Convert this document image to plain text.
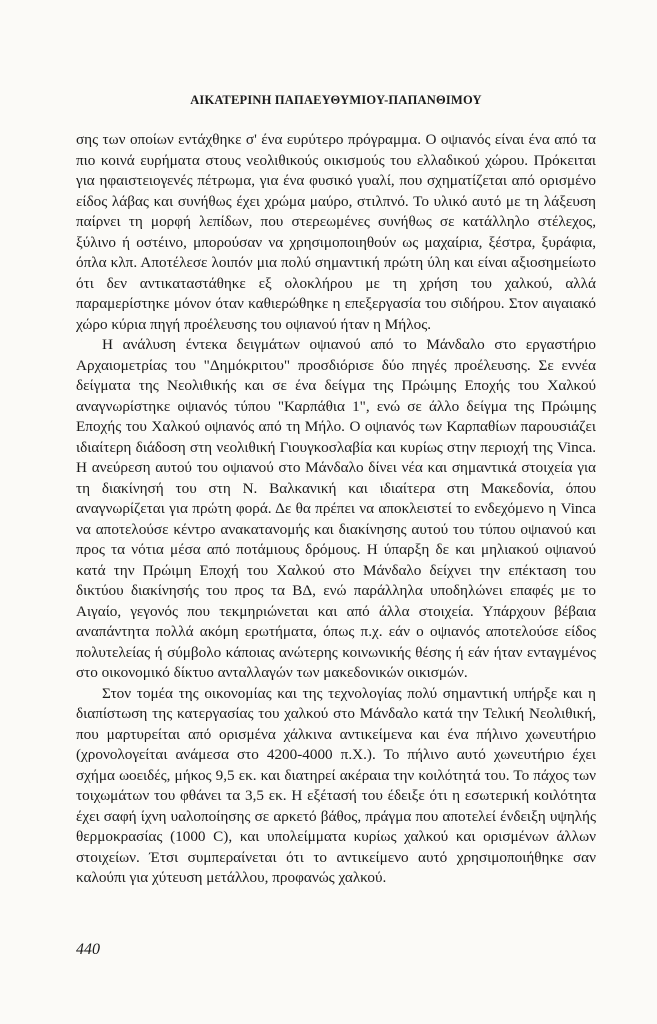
ΑΙΚΑΤΕΡΙΝΗ ΠΑΠΑΕΥΘΥΜΙΟΥ-ΠΑΠΑΝΘΙΜΟΥ

σης των οποίων εντάχθηκε σ' ένα ευρύτερο πρόγραμμα. Ο οψιανός είναι ένα από τα πιο κοινά ευρήματα στους νεολιθικούς οικισμούς του ελλαδικού χώρου. Πρόκειται για ηφαιστειογενές πέτρωμα, για ένα φυσικό γυαλί, που σχηματίζεται από ορισμένο είδος λάβας και συνήθως έχει χρώμα μαύρο, στιλπνό. Το υλικό αυτό με τη λάξευση παίρνει τη μορφή λεπίδων, που στερεωμένες συνήθως σε κατάλληλο στέλεχος, ξύλινο ή οστέινο, μπορούσαν να χρησιμοποιηθούν ως μαχαίρια, ξέστρα, ξυράφια, όπλα κλπ. Αποτέλεσε λοιπόν μια πολύ σημαντική πρώτη ύλη και είναι αξιοσημείωτο ότι δεν αντικαταστάθηκε εξ ολοκλήρου με τη χρήση του χαλκού, αλλά παραμερίστηκε μόνον όταν καθιερώθηκε η επεξεργασία του σιδήρου. Στον αιγαιακό χώρο κύρια πηγή προέλευσης του οψιανού ήταν η Μήλος.

Η ανάλυση έντεκα δειγμάτων οψιανού από το Μάνδαλο στο εργαστήριο Αρχαιομετρίας του "Δημόκριτου" προσδιόρισε δύο πηγές προέλευσης. Σε εννέα δείγματα της Νεολιθικής και σε ένα δείγμα της Πρώιμης Εποχής του Χαλκού αναγνωρίστηκε οψιανός τύπου "Καρπάθια 1", ενώ σε άλλο δείγμα της Πρώιμης Εποχής του Χαλκού οψιανός από τη Μήλο. Ο οψιανός των Καρπαθίων παρουσιάζει ιδιαίτερη διάδοση στη νεολιθική Γιουγκοσλαβία και κυρίως στην περιοχή της Vinca. Η ανεύρεση αυτού του οψιανού στο Μάνδαλο δίνει νέα και σημαντικά στοιχεία για τη διακίνησή του στη Ν. Βαλκανική και ιδιαίτερα στη Μακεδονία, όπου αναγνωρίζεται για πρώτη φορά. Δε θα πρέπει να αποκλειστεί το ενδεχόμενο η Vinca να αποτελούσε κέντρο ανακατανομής και διακίνησης αυτού του τύπου οψιανού και προς τα νότια μέσα από ποτάμιους δρόμους. Η ύπαρξη δε και μηλιακού οψιανού κατά την Πρώιμη Εποχή του Χαλκού στο Μάνδαλο δείχνει την επέκταση του δικτύου διακίνησής του προς τα ΒΔ, ενώ παράλληλα υποδηλώνει επαφές με το Αιγαίο, γεγονός που τεκμηριώνεται και από άλλα στοιχεία. Υπάρχουν βέβαια αναπάντητα πολλά ακόμη ερωτήματα, όπως π.χ. εάν ο οψιανός αποτελούσε είδος πολυτελείας ή σύμβολο κάποιας ανώτερης κοινωνικής θέσης ή εάν ήταν ενταγμένος στο οικονομικό δίκτυο ανταλλαγών των μακεδονικών οικισμών.

Στον τομέα της οικονομίας και της τεχνολογίας πολύ σημαντική υπήρξε και η διαπίστωση της κατεργασίας του χαλκού στο Μάνδαλο κατά την Τελική Νεολιθική, που μαρτυρείται από ορισμένα χάλκινα αντικείμενα και ένα πήλινο χωνευτήριο (χρονολογείται ανάμεσα στο 4200-4000 π.Χ.). Το πήλινο αυτό χωνευτήριο έχει σχήμα ωοειδές, μήκος 9,5 εκ. και διατηρεί ακέραια την κοιλότητά του. Το πάχος των τοιχωμάτων του φθάνει τα 3,5 εκ. Η εξέτασή του έδειξε ότι η εσωτερική κοιλότητα έχει σαφή ίχνη υαλοποίησης σε αρκετό βάθος, πράγμα που αποτελεί ένδειξη υψηλής θερμοκρασίας (1000 C), και υπολείμματα κυρίως χαλκού και ορισμένων άλλων στοιχείων. Έτσι συμπεραίνεται ότι το αντικείμενο αυτό χρησιμοποιήθηκε σαν καλούπι για χύτευση μετάλλου, προφανώς χαλκού.

440
